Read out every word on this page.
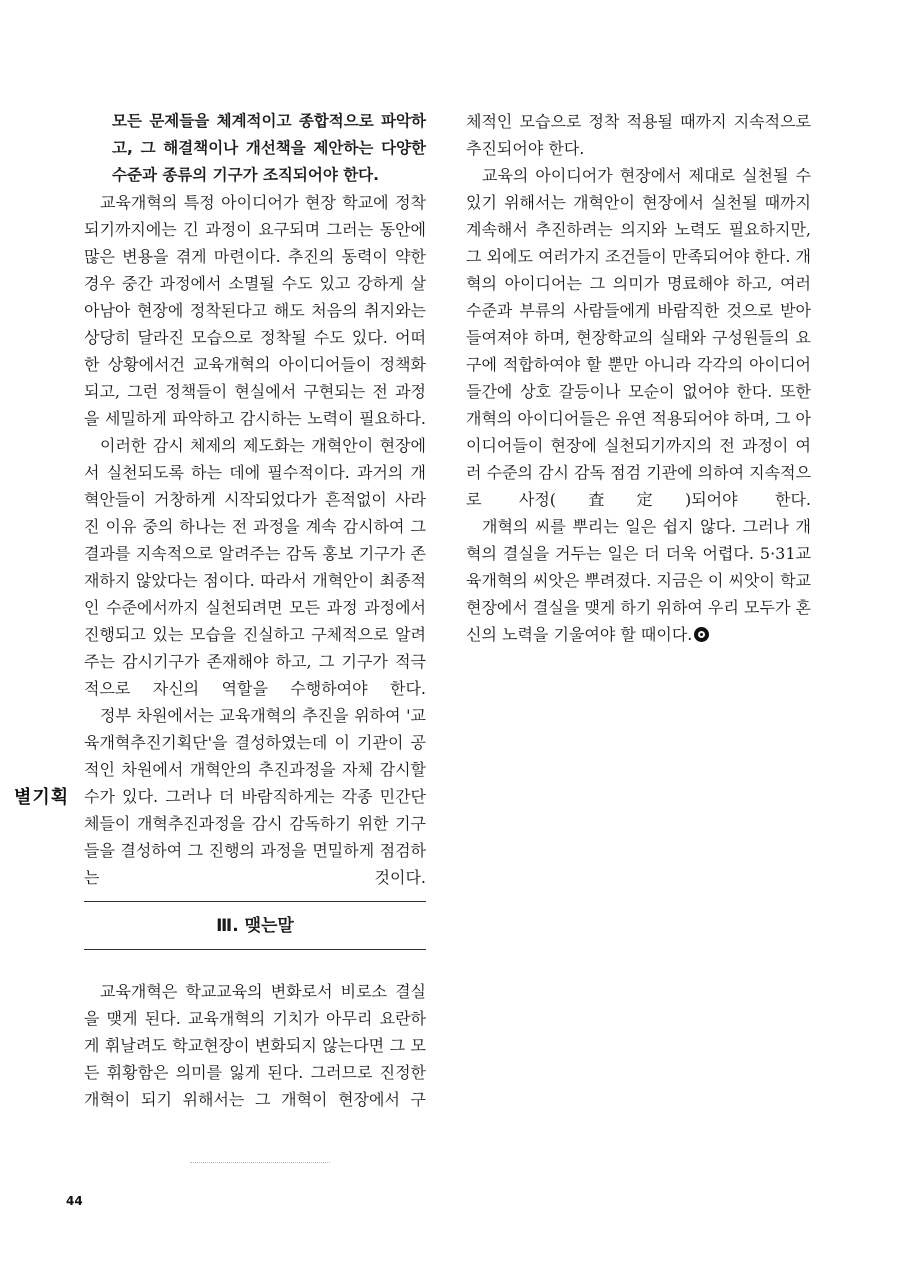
모든 문제들을 체계적이고 종합적으로 파악하
고, 그 해결책이나 개선책을 제안하는 다양한
수준과 종류의 기구가 조직되어야 한다.

교육개혁의 특정 아이디어가 현장 학교에 정착되기까지에는 긴 과정이 요구되며 그러는 동안에 많은 변용을 겪게 마련이다. 추진의 동력이 약한 경우 중간 과정에서 소멸될 수도 있고 강하게 살아남아 현장에 정착된다고 해도 처음의 취지와는 상당히 달라진 모습으로 정착될 수도 있다. 어떠한 상황에서건 교육개혁의 아이디어들이 정책화되고, 그런 정책들이 현실에서 구현되는 전 과정을 세밀하게 파악하고 감시하는 노력이 필요하다.

이러한 감시 체제의 제도화는 개혁안이 현장에서 실천되도록 하는 데에 필수적이다. 과거의 개혁안들이 거창하게 시작되었다가 흔적없이 사라진 이유 중의 하나는 전 과정을 계속 감시하여 그 결과를 지속적으로 알려주는 감독 홍보 기구가 존재하지 않았다는 점이다. 따라서 개혁안이 최종적인 수준에서까지 실천되려면 모든 과정 과정에서 진행되고 있는 모습을 진실하고 구체적으로 알려주는 감시기구가 존재해야 하고, 그 기구가 적극적으로 자신의 역할을 수행하여야 한다.

정부 차원에서는 교육개혁의 추진을 위하여 '교육개혁추진기획단'을 결성하였는데 이 기관이 공적인 차원에서 개혁안의 추진과정을 자체 감시할 수가 있다. 그러나 더 바람직하게는 각종 민간단체들이 개혁추진과정을 감시 감독하기 위한 기구들을 결성하여 그 진행의 과정을 면밀하게 점검하는 것이다.

Ⅲ. 맺는말

교육개혁은 학교교육의 변화로서 비로소 결실을 맺게 된다. 교육개혁의 기치가 아무리 요란하게 휘날려도 학교현장이 변화되지 않는다면 그 모든 휘황함은 의미를 잃게 된다. 그러므로 진정한 개혁이 되기 위해서는 그 개혁이 현장에서 구

체적인 모습으로 정착 적용될 때까지 지속적으로 추진되어야 한다.

교육의 아이디어가 현장에서 제대로 실천될 수 있기 위해서는 개혁안이 현장에서 실천될 때까지 계속해서 추진하려는 의지와 노력도 필요하지만, 그 외에도 여러가지 조건들이 만족되어야 한다. 개혁의 아이디어는 그 의미가 명료해야 하고, 여러 수준과 부류의 사람들에게 바람직한 것으로 받아들여져야 하며, 현장학교의 실태와 구성원들의 요구에 적합하여야 할 뿐만 아니라 각각의 아이디어들간에 상호 갈등이나 모순이 없어야 한다. 또한 개혁의 아이디어들은 유연 적용되어야 하며, 그 아이디어들이 현장에 실천되기까지의 전 과정이 여러 수준의 감시 감독 점검 기관에 의하여 지속적으로 사정(査定)되어야 한다.

개혁의 씨를 뿌리는 일은 쉽지 않다. 그러나 개혁의 결실을 거두는 일은 더 더욱 어렵다. 5·31교육개혁의 씨앗은 뿌려졌다. 지금은 이 씨앗이 학교 현장에서 결실을 맺게 하기 위하여 우리 모두가 혼신의 노력을 기울여야 할 때이다.

별기획
44
